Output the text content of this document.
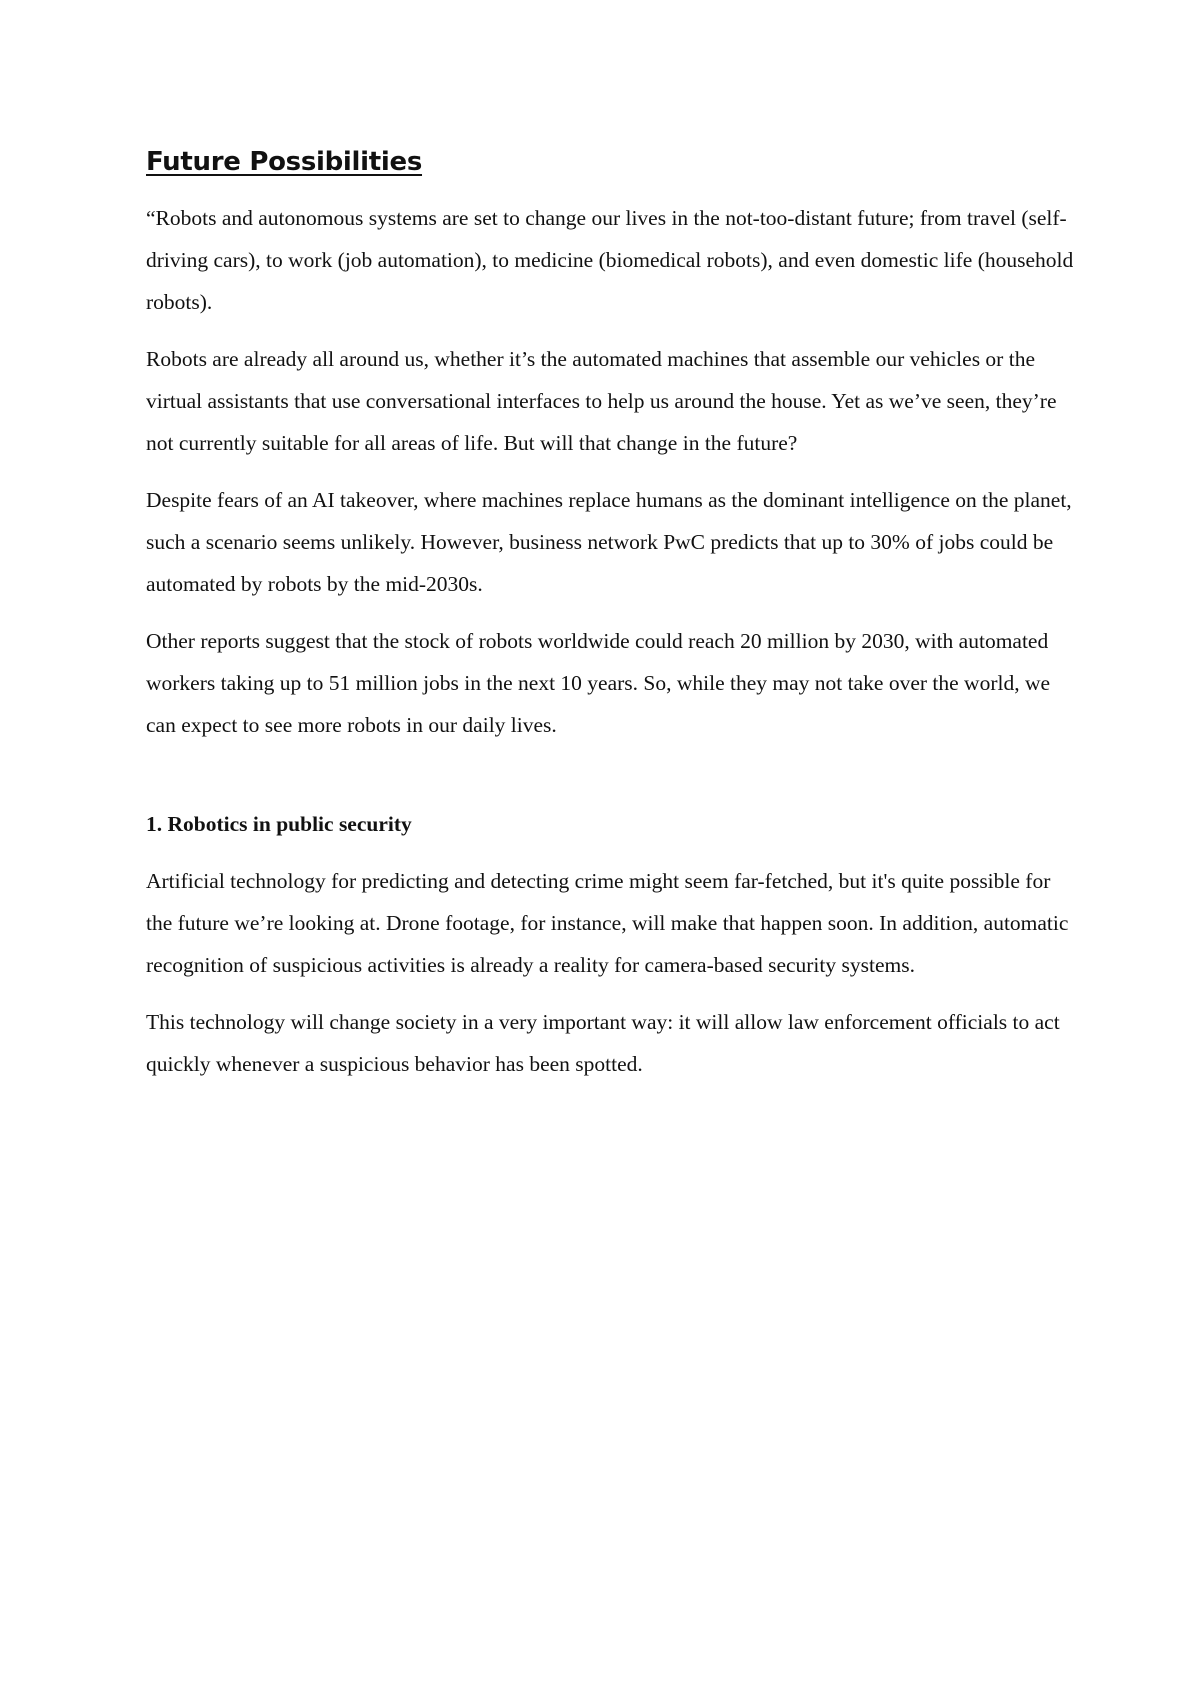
Future Possibilities

“Robots and autonomous systems are set to change our lives in the not-too-distant future; from travel (self-driving cars), to work (job automation), to medicine (biomedical robots), and even domestic life (household robots).

Robots are already all around us, whether it’s the automated machines that assemble our vehicles or the virtual assistants that use conversational interfaces to help us around the house. Yet as we’ve seen, they’re not currently suitable for all areas of life. But will that change in the future?

Despite fears of an AI takeover, where machines replace humans as the dominant intelligence on the planet, such a scenario seems unlikely. However, business network PwC predicts that up to 30% of jobs could be automated by robots by the mid-2030s.

Other reports suggest that the stock of robots worldwide could reach 20 million by 2030, with automated workers taking up to 51 million jobs in the next 10 years. So, while they may not take over the world, we can expect to see more robots in our daily lives.

1. Robotics in public security

Artificial technology for predicting and detecting crime might seem far-fetched, but it's quite possible for the future we’re looking at. Drone footage, for instance, will make that happen soon. In addition, automatic recognition of suspicious activities is already a reality for camera-based security systems.

This technology will change society in a very important way: it will allow law enforcement officials to act quickly whenever a suspicious behavior has been spotted.
